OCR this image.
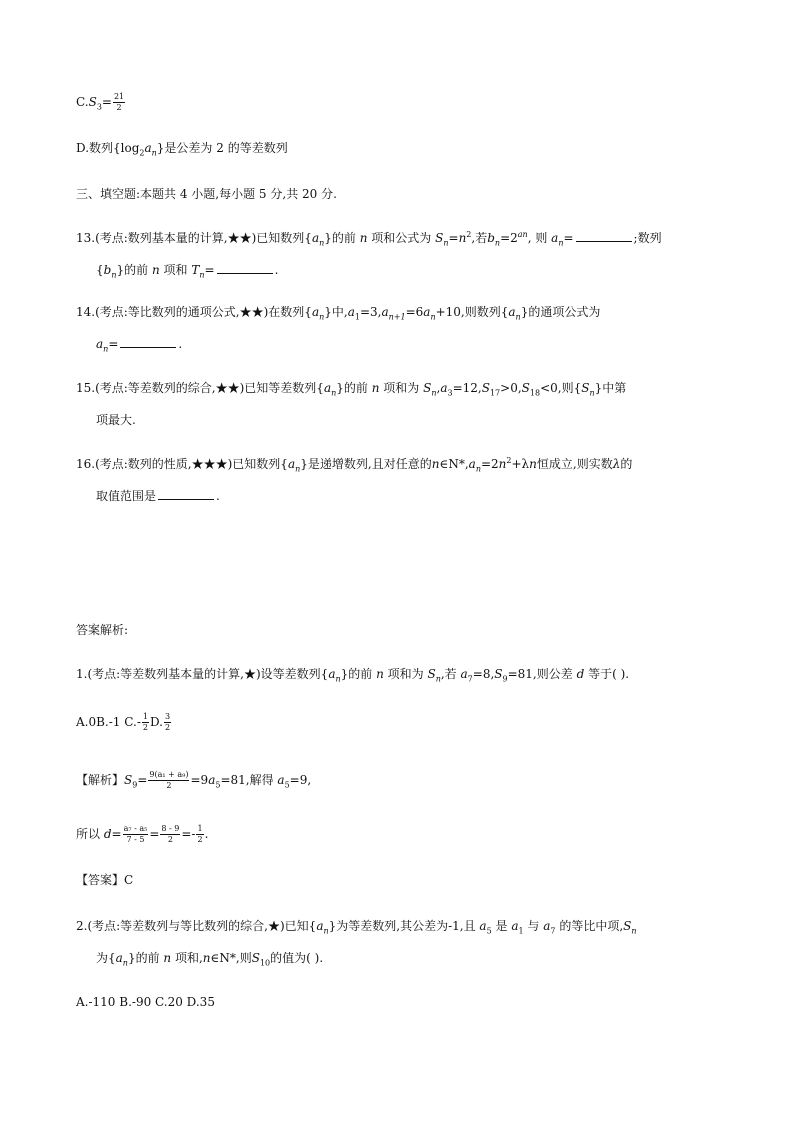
$C.S_3= \frac{21}{2}$
D.数列$\{\log_2a_n\}$是公差为 2 的等差数列
三、填空题:本题共 4 小题,每小题 5 分,共 20 分.
13.(考点:数列基本量的计算,★★)已知数列$\{a_n\}$的前 n 项和公式为 $S_n=n^2$,若$b_n=2^{an}$, 则 $a_n=$	;数列
$\{b_n\}$的前 n 项和 $T_n=$	.
14.(考点:等比数列的通项公式,★★)在数列$\{a_n\}$中$,a_1=3,a_{n+1}=6a_n+10$,则数列$\{a_n\}$的通项公式为
$a_n=$	.
15.(考点:等差数列的综合,★★)已知等差数列$\{a_n\}$的前 n 项和为 $S_n,a_3=12,S_{17}>0,S_{18}<0$,则$\{S_n\}$中第
项最大.
16.(考点:数列的性质,★★★)已知数列$\{a_n\}$是递增数列,且对任意的$n\in N*,a_n=2n^2+\lambda n$恒成立,则实数λ的
取值范围是	.
答案解析:
1.(考点:等差数列基本量的计算,★)设等差数列$\{a_n\}$的前 n 项和为 $S_n$,若 $a_7=8,S_9=81$,则公差 d 等于( ).
A.0B.-1 $C.- \frac{1}{2} D$. $\frac{3}{2}$
【解析】$S_9= \frac{\text{9(a₁ + a₉)}}{2} =9a_5=81$,解得 $a_5=9$,
所以 $d= \frac{\text{a₇ - a₅}}{7 - 5} = \frac{8 - 9}{2} =- \frac{1}{2}$ .
【答案】C
2.(考点:等差数列与等比数列的综合,★)已知$\{a_n\}$为等差数列,其公差为-1,且 $a_5$ 是 $a_1$ 与 $a_7$ 的等比中项$,S_n$
为$\{a_n\}$的前 n 项和,n∈N*,则$S_{10}$的值为( ).
A.-110 B.-90 C.20 D.35
